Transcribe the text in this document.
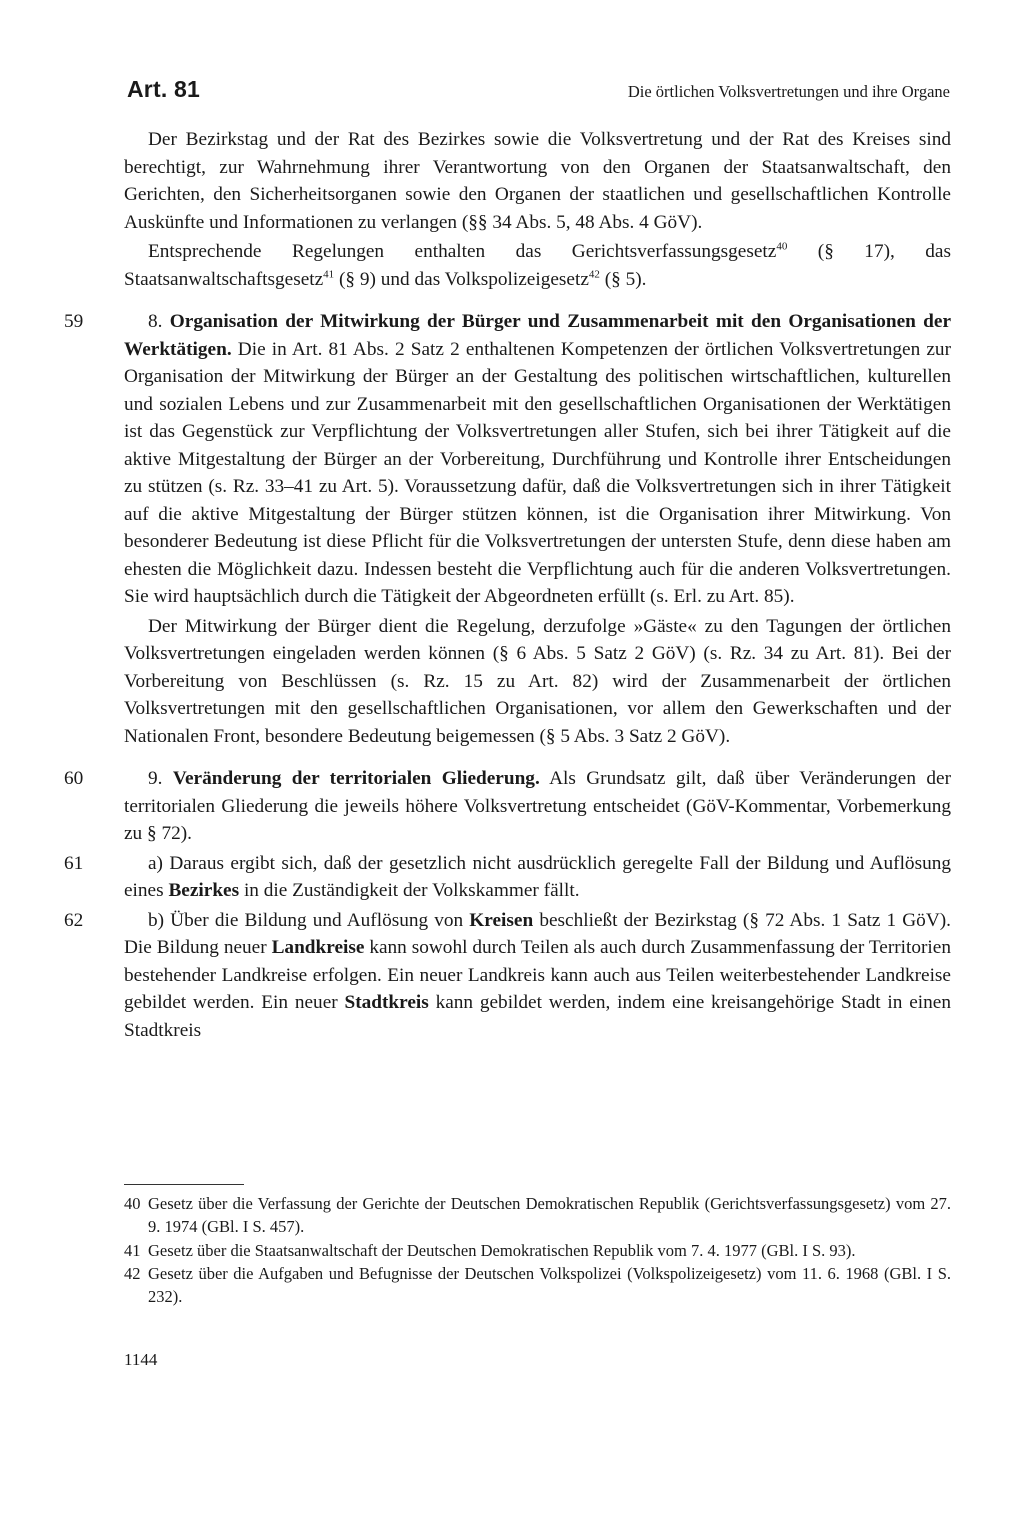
Art. 81	Die örtlichen Volksvertretungen und ihre Organe

Der Bezirkstag und der Rat des Bezirkes sowie die Volksvertretung und der Rat des Kreises sind berechtigt, zur Wahrnehmung ihrer Verantwortung von den Organen der Staatsanwaltschaft, den Gerichten, den Sicherheitsorganen sowie den Organen der staatlichen und gesellschaftlichen Kontrolle Auskünfte und Informationen zu verlangen (§§ 34 Abs. 5, 48 Abs. 4 GöV).

Entsprechende Regelungen enthalten das Gerichtsverfassungsgesetz$^{40}$ (§ 17), das Staatsanwaltschaftsgesetz$^{41}$ (§ 9) und das Volkspolizeigesetz$^{42}$ (§ 5).

59	8. Organisation der Mitwirkung der Bürger und Zusammenarbeit mit den Organisationen der Werktätigen. Die in Art. 81 Abs. 2 Satz 2 enthaltenen Kompetenzen der örtlichen Volksvertretungen zur Organisation der Mitwirkung der Bürger an der Gestaltung des politischen wirtschaftlichen, kulturellen und sozialen Lebens und zur Zusammenarbeit mit den gesellschaftlichen Organisationen der Werktätigen ist das Gegenstück zur Verpflichtung der Volksvertretungen aller Stufen, sich bei ihrer Tätigkeit auf die aktive Mitgestaltung der Bürger an der Vorbereitung, Durchführung und Kontrolle ihrer Entscheidungen zu stützen (s. Rz. 33–41 zu Art. 5). Voraussetzung dafür, daß die Volksvertretungen sich in ihrer Tätigkeit auf die aktive Mitgestaltung der Bürger stützen können, ist die Organisation ihrer Mitwirkung. Von besonderer Bedeutung ist diese Pflicht für die Volksvertretungen der untersten Stufe, denn diese haben am ehesten die Möglichkeit dazu. Indessen besteht die Verpflichtung auch für die anderen Volksvertretungen. Sie wird hauptsächlich durch die Tätigkeit der Abgeordneten erfüllt (s. Erl. zu Art. 85).

Der Mitwirkung der Bürger dient die Regelung, derzufolge »Gäste« zu den Tagungen der örtlichen Volksvertretungen eingeladen werden können (§ 6 Abs. 5 Satz 2 GöV) (s. Rz. 34 zu Art. 81). Bei der Vorbereitung von Beschlüssen (s. Rz. 15 zu Art. 82) wird der Zusammenarbeit der örtlichen Volksvertretungen mit den gesellschaftlichen Organisationen, vor allem den Gewerkschaften und der Nationalen Front, besondere Bedeutung beigemessen (§ 5 Abs. 3 Satz 2 GöV).

60	9. Veränderung der territorialen Gliederung. Als Grundsatz gilt, daß über Veränderungen der territorialen Gliederung die jeweils höhere Volksvertretung entscheidet (GöV-Kommentar, Vorbemerkung zu § 72).

61	a) Daraus ergibt sich, daß der gesetzlich nicht ausdrücklich geregelte Fall der Bildung und Auflösung eines Bezirkes in die Zuständigkeit der Volkskammer fällt.

62	b) Über die Bildung und Auflösung von Kreisen beschließt der Bezirkstag (§ 72 Abs. 1 Satz 1 GöV). Die Bildung neuer Landkreise kann sowohl durch Teilen als auch durch Zusammenfassung der Territorien bestehender Landkreise erfolgen. Ein neuer Landkreis kann auch aus Teilen weiterbestehender Landkreise gebildet werden. Ein neuer Stadtkreis kann gebildet werden, indem eine kreisangehörige Stadt in einen Stadtkreis

40 Gesetz über die Verfassung der Gerichte der Deutschen Demokratischen Republik (Gerichtsverfassungsgesetz) vom 27. 9. 1974 (GBl. I S. 457).
41 Gesetz über die Staatsanwaltschaft der Deutschen Demokratischen Republik vom 7. 4. 1977 (GBl. I S. 93).
42 Gesetz über die Aufgaben und Befugnisse der Deutschen Volkspolizei (Volkspolizeigesetz) vom 11. 6. 1968 (GBl. I S. 232).
1144
